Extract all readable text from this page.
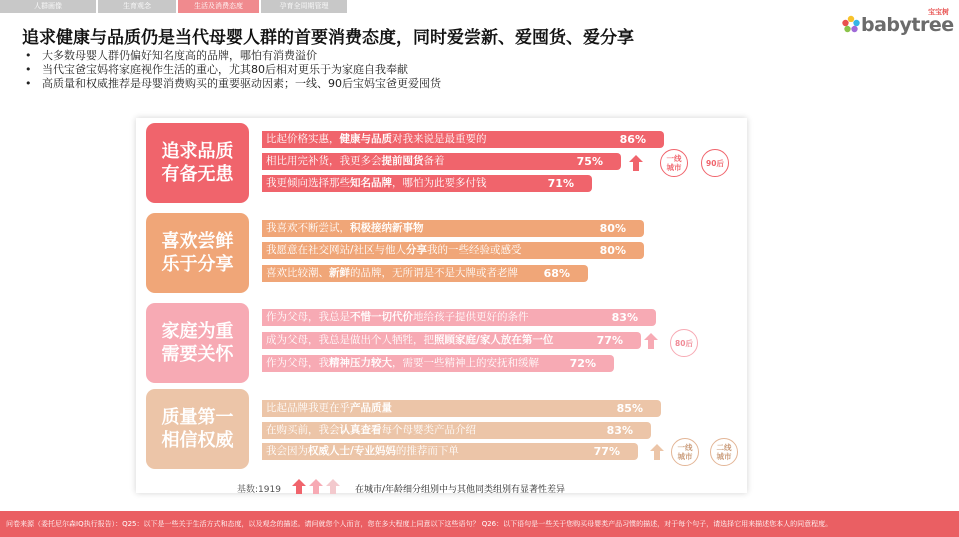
人群画像	生育观念	生活及消费态度	孕育全周期管理
babytree
宝宝树
追求健康与品质仍是当代母婴人群的首要消费态度，同时爱尝新、爱囤货、爱分享
• 大多数母婴人群仍偏好知名度高的品牌，哪怕有消费溢价
• 当代宝爸宝妈将家庭视作生活的重心，尤其80后相对更乐于为家庭自我奉献
• 高质量和权威推荐是母婴消费购买的重要驱动因素；一线、90后宝妈宝爸更爱囤货
追求品质
有备无患
比起价格实惠，健康与品质对我来说是最重要的	86%
相比用完补货，我更多会提前囤货备着	75%
我更倾向选择那些知名品牌，哪怕为此要多付钱	71%
一线
城市	90后
喜欢尝鲜
乐于分享
我喜欢不断尝试，积极接纳新事物	80%
我愿意在社交网站/社区与他人分享我的一些经验或感受	80%
喜欢比较潮、新鲜的品牌，无所谓是不是大牌或者老牌 68%
家庭为重
需要关怀
作为父母，我总是不惜一切代价地给孩子提供更好的条件	83%
成为父母，我总是做出个人牺牲，把照顾家庭/家人放在第一位	77%
作为父母，我精神压力较大，需要一些精神上的安抚和缓解	72%
80后
质量第一
相信权威
比起品牌我更在乎产品质量	85%
在购买前，我会认真查看每个母婴类产品介绍	83%
我会因为权威人士/专业妈妈的推荐而下单	77%	一线
城市
二线
城市
基数:1919	在城市/年龄细分组别中与其他同类组别有显著性差异
问卷来源（委托尼尔森IQ执行报告）：Q25：以下是一些关于生活方式和态度，以及观念的描述。请问就您个人而言，您在多大程度上同意以下这些语句？ Q26：以下语句是一些关于您购买母婴类产品习惯的描述，对于每个句子，请选择它用来描述您本人的同意程度。
